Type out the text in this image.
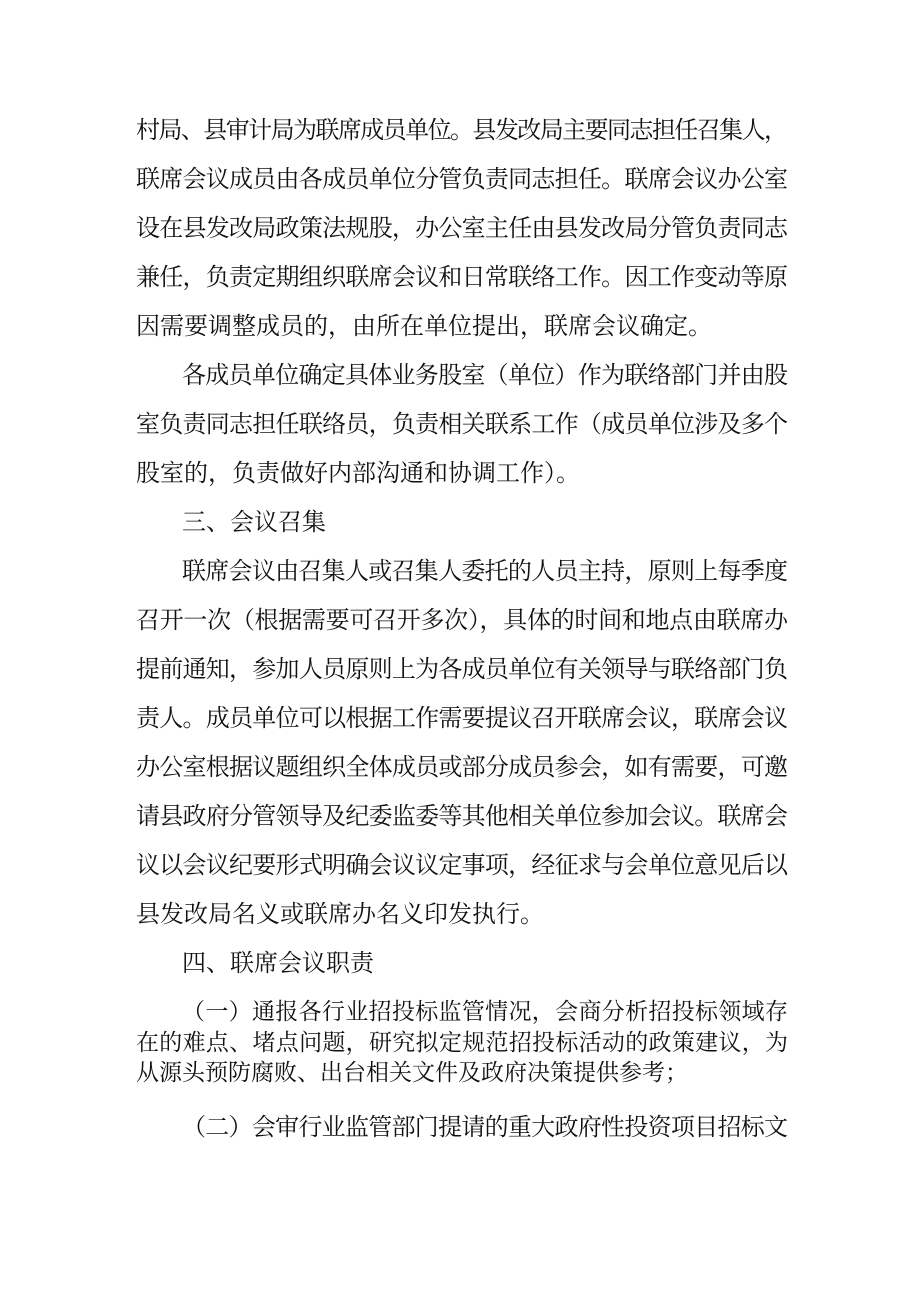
村局、县审计局为联席成员单位。县发改局主要同志担任召集人，
联席会议成员由各成员单位分管负责同志担任。联席会议办公室
设在县发改局政策法规股，办公室主任由县发改局分管负责同志
兼任，负责定期组织联席会议和日常联络工作。因工作变动等原
因需要调整成员的，由所在单位提出，联席会议确定。
各成员单位确定具体业务股室（单位）作为联络部门并由股
室负责同志担任联络员，负责相关联系工作（成员单位涉及多个
股室的，负责做好内部沟通和协调工作）。
三、会议召集
联席会议由召集人或召集人委托的人员主持，原则上每季度
召开一次（根据需要可召开多次），具体的时间和地点由联席办
提前通知，参加人员原则上为各成员单位有关领导与联络部门负
责人。成员单位可以根据工作需要提议召开联席会议，联席会议
办公室根据议题组织全体成员或部分成员参会，如有需要，可邀
请县政府分管领导及纪委监委等其他相关单位参加会议。联席会
议以会议纪要形式明确会议议定事项，经征求与会单位意见后以
县发改局名义或联席办名义印发执行。
四、联席会议职责
（一）通报各行业招投标监管情况，会商分析招投标领域存
在的难点、堵点问题，研究拟定规范招投标活动的政策建议，为
从源头预防腐败、出台相关文件及政府决策提供参考；
（二）会审行业监管部门提请的重大政府性投资项目招标文
